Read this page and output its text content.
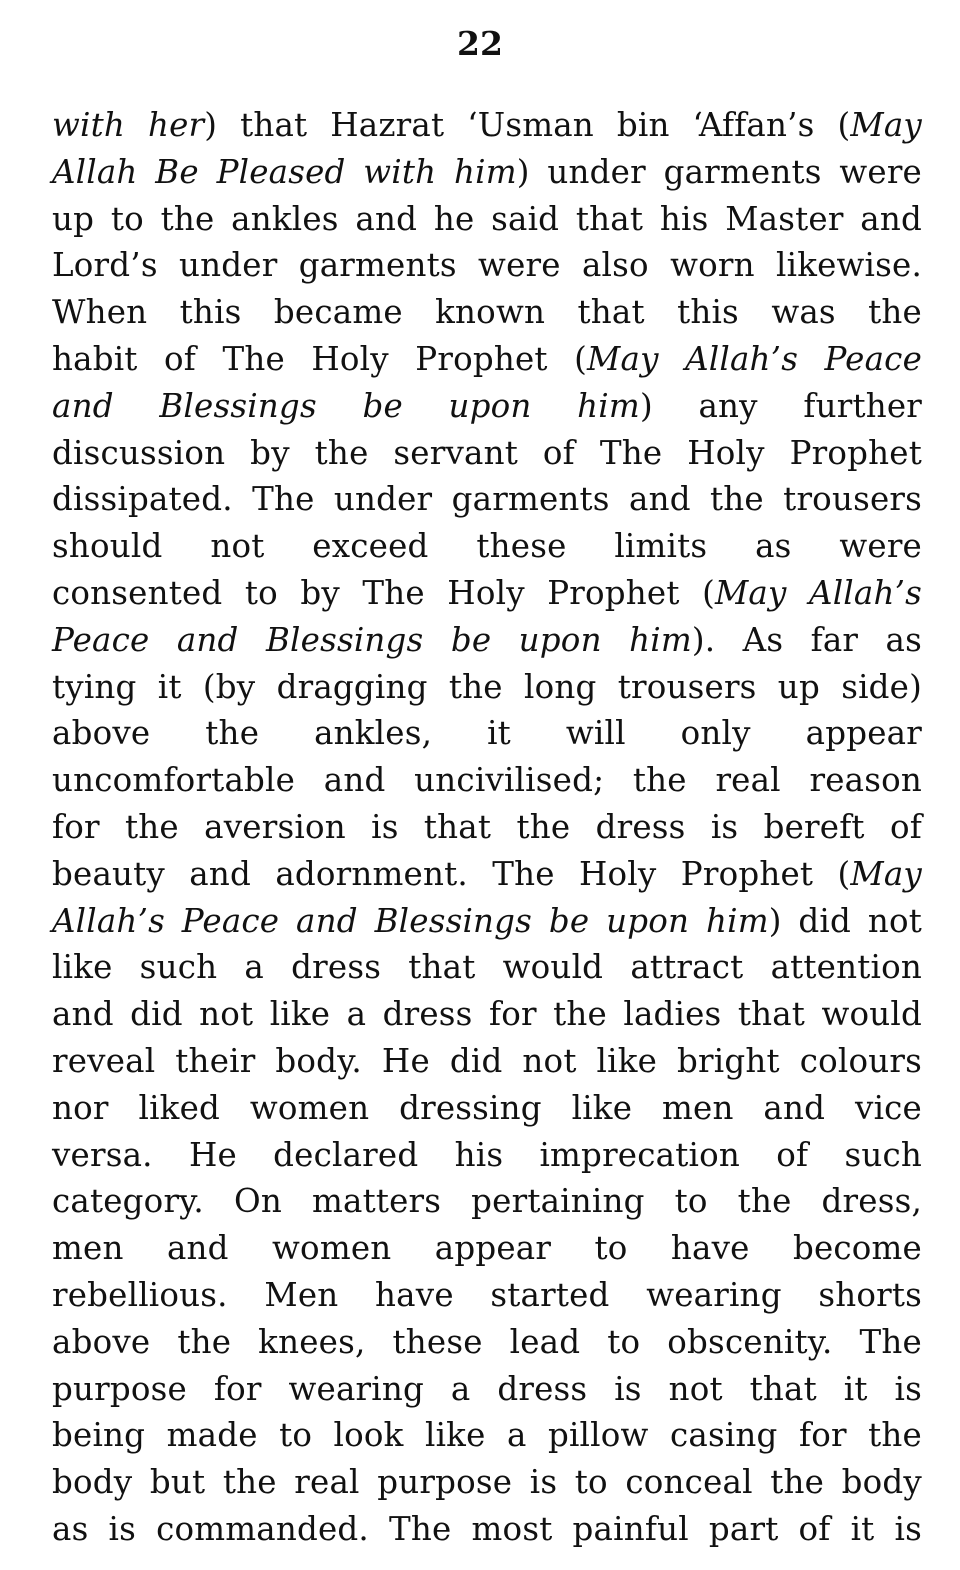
22
with her) that Hazrat ‘Usman bin ‘Affan’s (May
Allah Be Pleased with him) under garments were
up to the ankles and he said that his Master and
Lord’s under garments were also worn likewise.
When this became known that this was the
habit of The Holy Prophet (May Allah’s Peace
and Blessings be upon him) any further
discussion by the servant of The Holy Prophet
dissipated. The under garments and the trousers
should not exceed these limits as were
consented to by The Holy Prophet (May Allah’s
Peace and Blessings be upon him). As far as
tying it (by dragging the long trousers up side)
above the ankles, it will only appear
uncomfortable and uncivilised; the real reason
for the aversion is that the dress is bereft of
beauty and adornment. The Holy Prophet (May
Allah’s Peace and Blessings be upon him) did not
like such a dress that would attract attention
and did not like a dress for the ladies that would
reveal their body. He did not like bright colours
nor liked women dressing like men and vice
versa. He declared his imprecation of such
category. On matters pertaining to the dress,
men and women appear to have become
rebellious. Men have started wearing shorts
above the knees, these lead to obscenity. The
purpose for wearing a dress is not that it is
being made to look like a pillow casing for the
body but the real purpose is to conceal the body
as is commanded. The most painful part of it is
